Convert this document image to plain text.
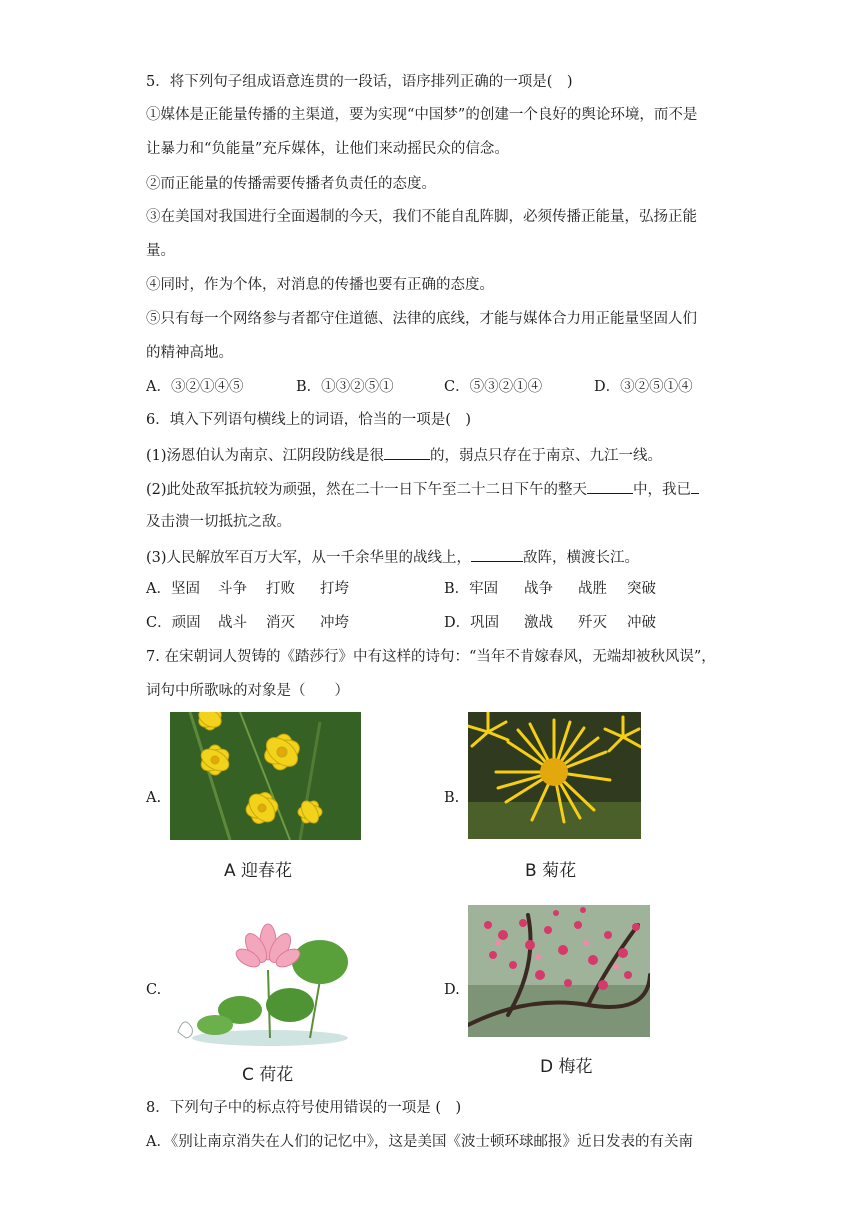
5．将下列句子组成语意连贯的一段话，语序排列正确的一项是(　)
①媒体是正能量传播的主渠道，要为实现“中国梦”的创建一个良好的舆论环境，而不是
让暴力和“负能量”充斥媒体，让他们来动摇民众的信念。
②而正能量的传播需要传播者负责任的态度。
③在美国对我国进行全面遏制的今天，我们不能自乱阵脚，必须传播正能量，弘扬正能
量。
④同时，作为个体，对消息的传播也要有正确的态度。
⑤只有每一个网络参与者都守住道德、法律的底线，才能与媒体合力用正能量坚固人们
的精神高地。
A．③②①④⑤	B．①③②⑤①	C．⑤③②①④	D．③②⑤①④
6．填入下列语句横线上的词语，恰当的一项是(　)
(1)汤恩伯认为南京、江阴段防线是很	的，弱点只存在于南京、九江一线。
(2)此处敌军抵抗较为顽强，然在二十一日下午至二十二日下午的整天	中，我已
及击溃一切抵抗之敌。
(3)人民解放军百万大军，从一千余华里的战线上，	敌阵，横渡长江。
A．坚固 斗争 打败 打垮	B．牢固 战争 战胜 突破
C．顽固 战斗 消灭 冲垮	D．巩固 激战 歼灭 冲破
7. 在宋朝词人贺铸的《踏莎行》中有这样的诗句：“当年不肯嫁春风，无端却被秋风误”，
词句中所歌咏的对象是（　　）
A.
A 迎春花
B.
B 菊花
C.
C 荷花
D.
D 梅花
8．下列句子中的标点符号使用错误的一项是 (　)
A．《别让南京消失在人们的记忆中》，这是美国《波士顿环球邮报》近日发表的有关南
